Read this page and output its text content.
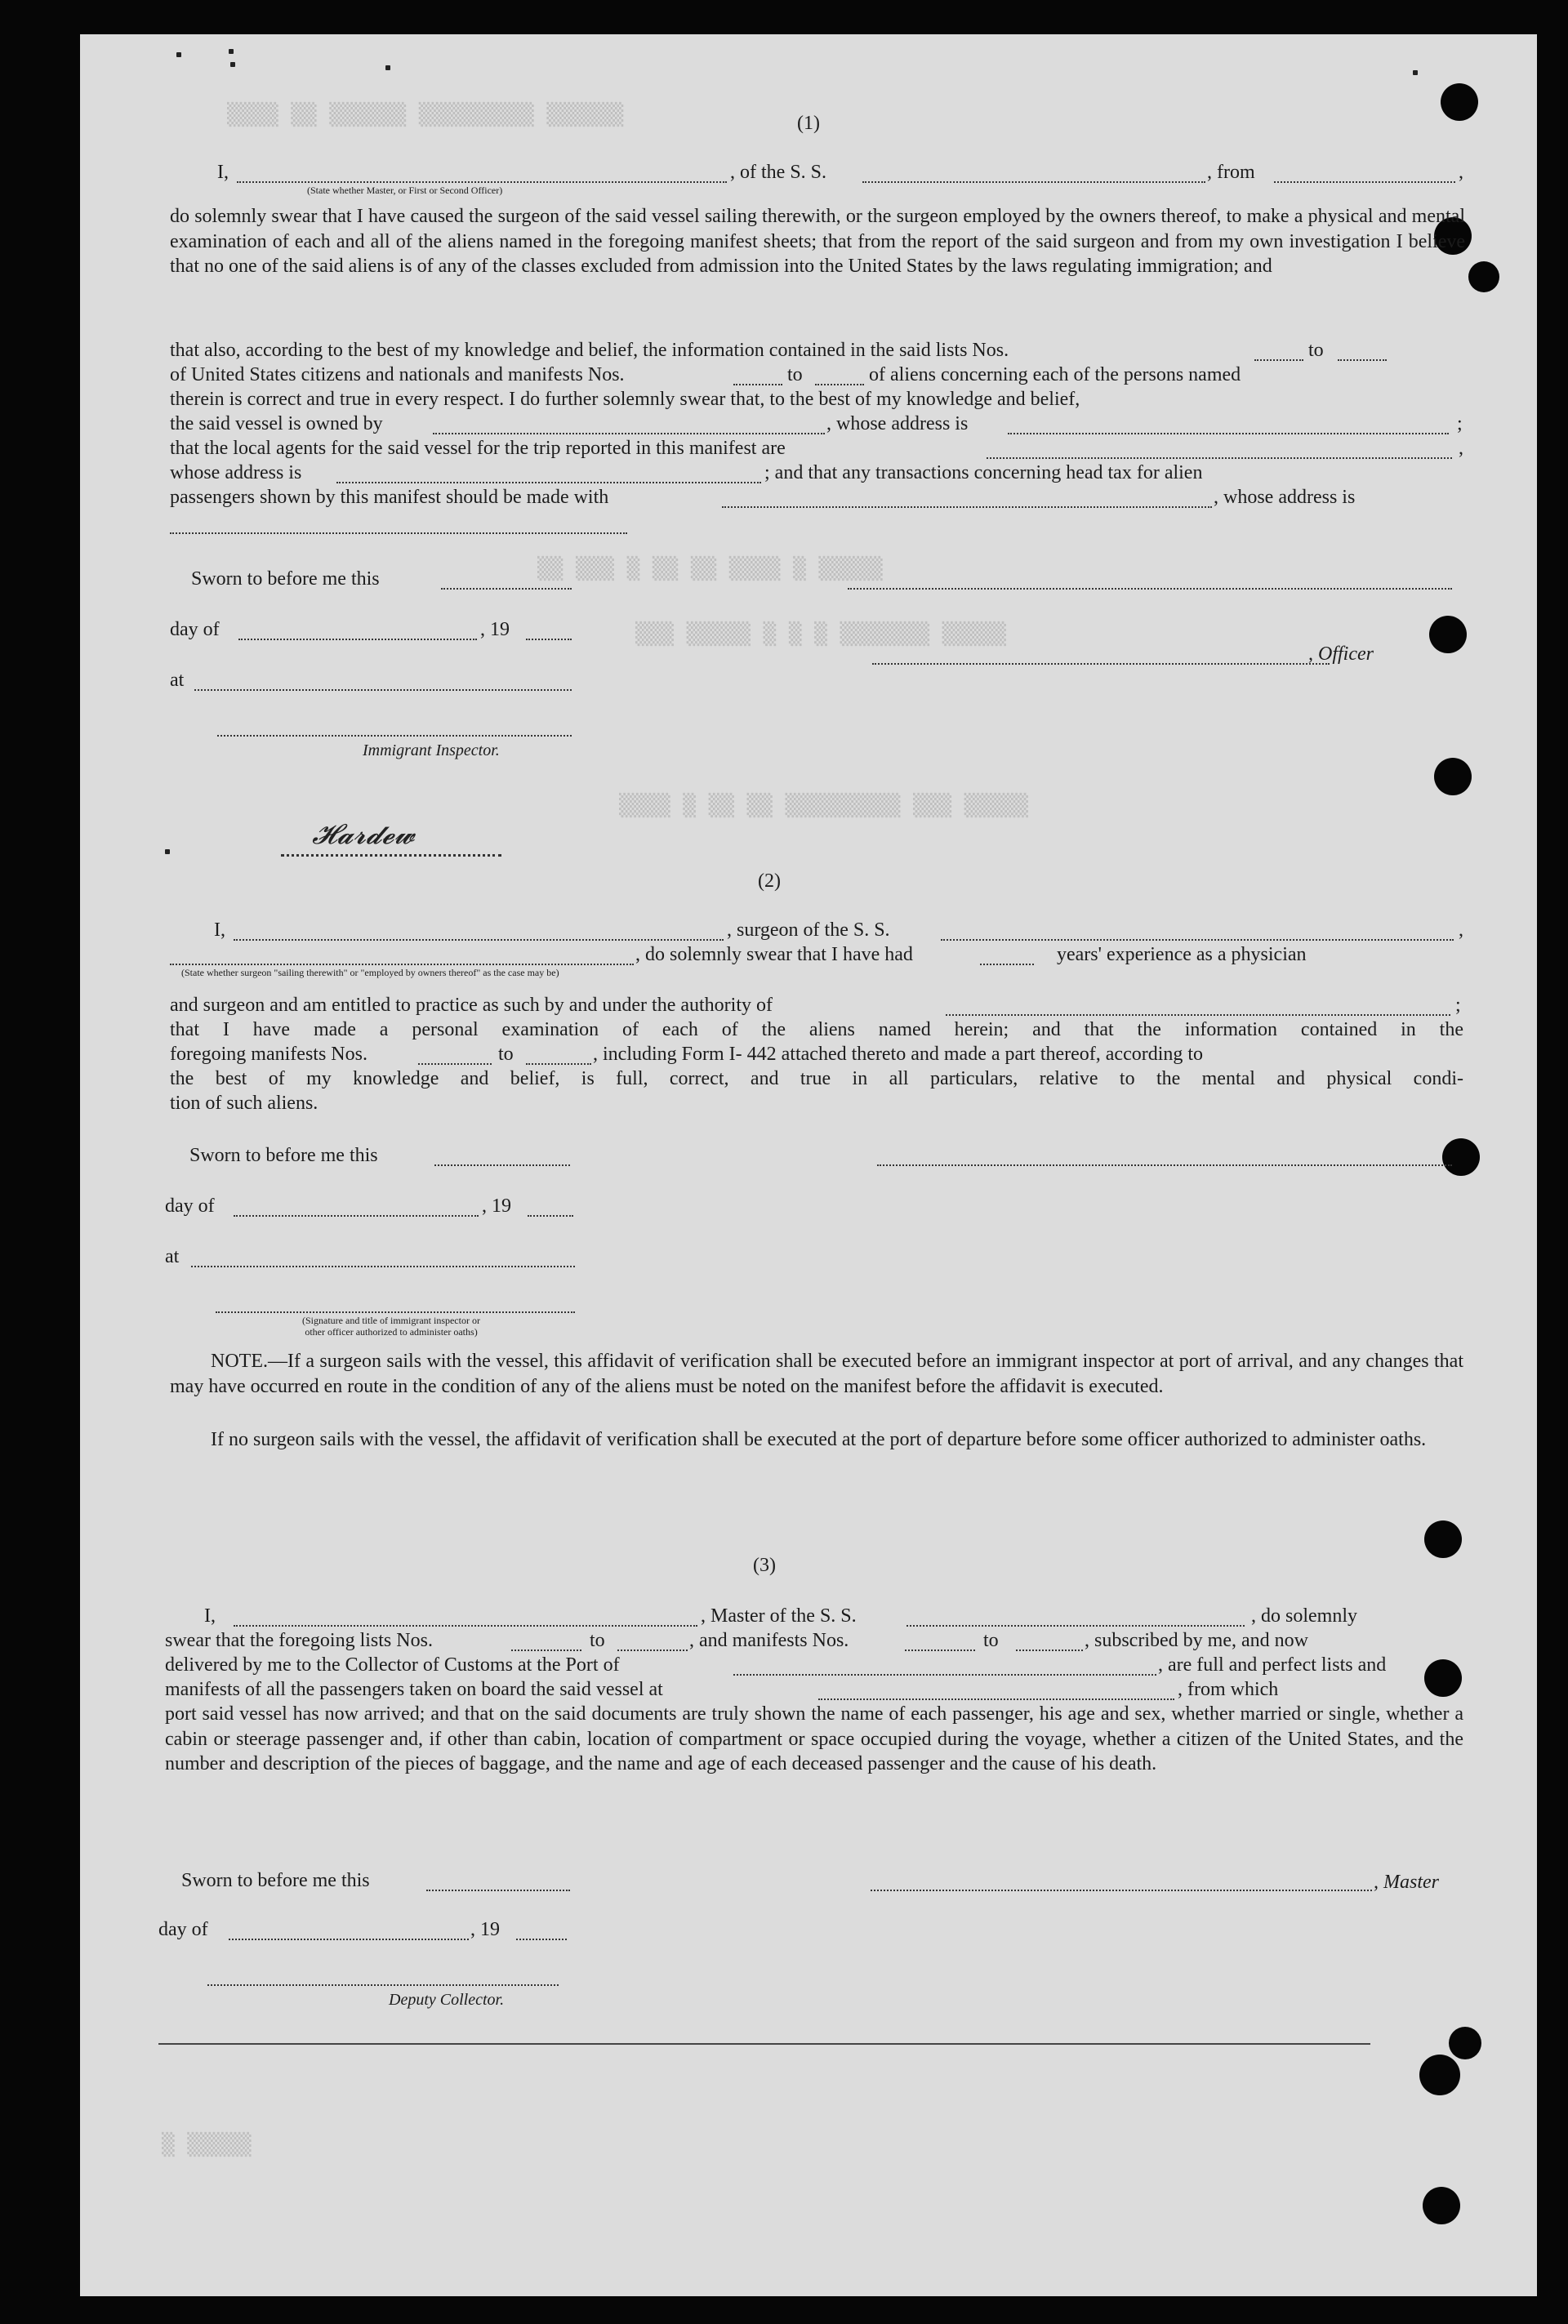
▒▒▒▒ ▒▒ ▒▒▒▒▒▒ ▒▒▒▒▒▒▒▒▒ ▒▒▒▒▒▒
▒▒ ▒▒▒ ▒ ▒▒ ▒▒ ▒▒▒▒ ▒ ▒▒▒▒▒
▒▒▒ ▒▒▒▒▒ ▒ ▒ ▒ ▒▒▒▒▒▒▒ ▒▒▒▒▒
▒▒▒▒ ▒ ▒▒ ▒▒ ▒▒▒▒▒▒▒▒▒ ▒▒▒ ▒▒▒▒▒
▒ ▒▒▒▒▒
(1)
I,	, of the S. S.	, from	,
(State whether Master, or First or Second Officer)
do solemnly swear that I have caused the surgeon of the said vessel sailing therewith, or the surgeon employed by the owners thereof, to make a physical and mental examination of each and all of the aliens named in the foregoing manifest sheets; that from the report of the said surgeon and from my own investigation I believe that no one of the said aliens is of any of the classes excluded from admission into the United States by the laws regulating immigration; and
that also, according to the best of my knowledge and belief, the information contained in the said lists Nos.	to
of United States citizens and nationals and manifests Nos.	to	of aliens concerning each of the persons named
therein is correct and true in every respect. I do further solemnly swear that, to the best of my knowledge and belief,
the said vessel is owned by	, whose address is	;
that the local agents for the said vessel for the trip reported in this manifest are	,
whose address is	; and that any transactions concerning head tax for alien
passengers shown by this manifest should be made with	, whose address is
Sworn to before me this
day of	, 19
, Officer
at
Immigrant Inspector.
𝓗𝓪𝓻𝓭𝓮𝔀
(2)
I,	, surgeon of the S. S.	,
, do solemnly swear that I have had	years' experience as a physician
(State whether surgeon "sailing therewith" or "employed by owners thereof" as the case may be)
and surgeon and am entitled to practice as such by and under the authority of	;
that I have made a personal examination of each of the aliens named herein; and that the information contained in the
foregoing manifests Nos.	to	, including Form I- 442 attached thereto and made a part thereof, according to
the best of my knowledge and belief, is full, correct, and true in all particulars, relative to the mental and physical condi-
tion of such aliens.
Sworn to before me this
day of	, 19
at
(Signature and title of immigrant inspector or
other officer authorized to administer oaths)
NOTE.—If a surgeon sails with the vessel, this affidavit of verification shall be executed before an immigrant inspector at port of arrival, and any changes that may have occurred en route in the condition of any of the aliens must be noted on the manifest before the affidavit is executed.
If no surgeon sails with the vessel, the affidavit of verification shall be executed at the port of departure before some officer authorized to administer oaths.
(3)
I,	, Master of the S. S.	, do solemnly
swear that the foregoing lists Nos.	to	, and manifests Nos.	to	, subscribed by me, and now
delivered by me to the Collector of Customs at the Port of	, are full and perfect lists and
manifests of all the passengers taken on board the said vessel at	, from which
port said vessel has now arrived; and that on the said documents are truly shown the name of each passenger, his age and sex, whether married or single, whether a cabin or steerage passenger and, if other than cabin, location of compartment or space occupied during the voyage, whether a citizen of the United States, and the number and description of the pieces of baggage, and the name and age of each deceased passenger and the cause of his death.
Sworn to before me this	, Master
day of	, 19
Deputy Collector.
